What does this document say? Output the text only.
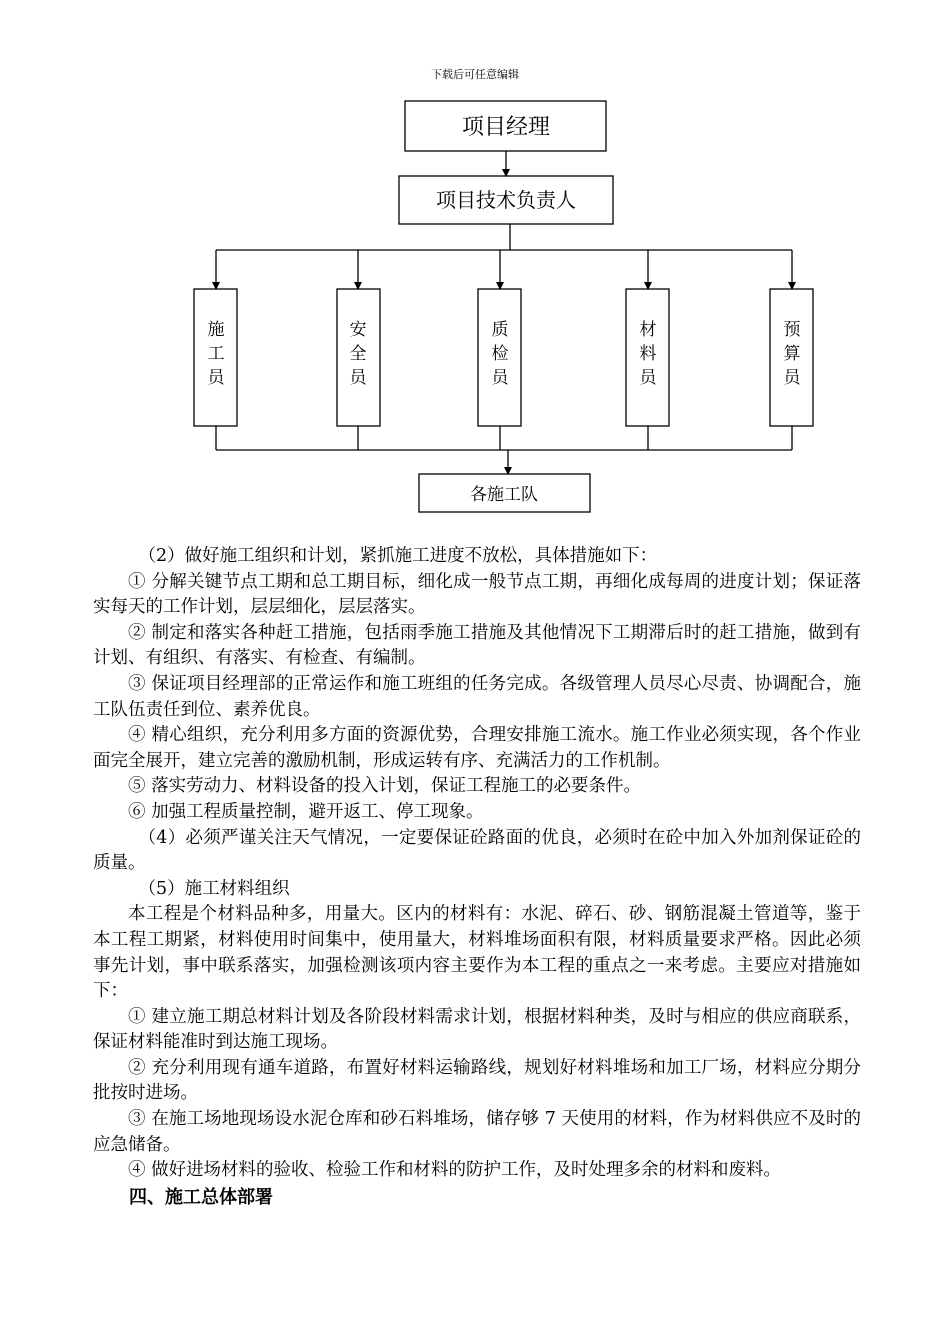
下载后可任意编辑
项目经理
项目技术负责人
各施工队
施工员
安全员
质检员
材料员
预算员

（2）做好施工组织和计划，紧抓施工进度不放松，具体措施如下：

① 分解关键节点工期和总工期目标，细化成一般节点工期，再细化成每周的进度计划；保证落实每天的工作计划，层层细化，层层落实。

② 制定和落实各种赶工措施，包括雨季施工措施及其他情况下工期滞后时的赶工措施，做到有计划、有组织、有落实、有检查、有编制。

③ 保证项目经理部的正常运作和施工班组的任务完成。各级管理人员尽心尽责、协调配合，施工队伍责任到位、素养优良。

④ 精心组织，充分利用多方面的资源优势，合理安排施工流水。施工作业必须实现，各个作业面完全展开，建立完善的激励机制，形成运转有序、充满活力的工作机制。

⑤ 落实劳动力、材料设备的投入计划，保证工程施工的必要条件。

⑥ 加强工程质量控制，避开返工、停工现象。

（4）必须严谨关注天气情况，一定要保证砼路面的优良，必须时在砼中加入外加剂保证砼的质量。

（5）施工材料组织

本工程是个材料品种多，用量大。区内的材料有：水泥、碎石、砂、钢筋混凝土管道等，鉴于本工程工期紧，材料使用时间集中，使用量大，材料堆场面积有限，材料质量要求严格。因此必须事先计划，事中联系落实，加强检测该项内容主要作为本工程的重点之一来考虑。主要应对措施如下：

① 建立施工期总材料计划及各阶段材料需求计划，根据材料种类，及时与相应的供应商联系，保证材料能准时到达施工现场。

② 充分利用现有通车道路，布置好材料运输路线，规划好材料堆场和加工厂场，材料应分期分批按时进场。

③ 在施工场地现场设水泥仓库和砂石料堆场，储存够 7 天使用的材料，作为材料供应不及时的应急储备。

④ 做好进场材料的验收、检验工作和材料的防护工作，及时处理多余的材料和废料。

四、施工总体部署
